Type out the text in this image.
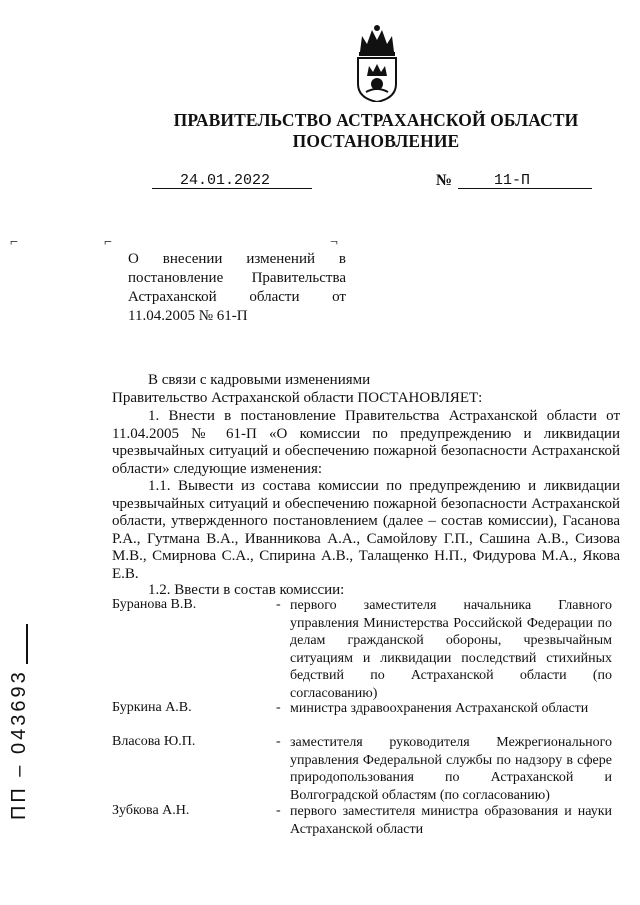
ПРАВИТЕЛЬСТВО АСТРАХАНСКОЙ ОБЛАСТИ
ПОСТАНОВЛЕНИЕ
24.01.2022	№	11-П
⌐	⌐	¬
О внесении изменений в постановление Правительства Астраханской области от 11.04.2005 № 61-П
В связи с кадровыми изменениями
Правительство Астраханской области ПОСТАНОВЛЯЕТ:
1. Внести в постановление Правительства Астраханской области от 11.04.2005 № 61-П «О комиссии по предупреждению и ликвидации чрезвычайных ситуаций и обеспечению пожарной безопасности Астраханской области» следующие изменения:
1.1. Вывести из состава комиссии по предупреждению и ликвидации чрезвычайных ситуаций и обеспечению пожарной безопасности Астраханской области, утвержденного постановлением (далее – состав комиссии), Гасанова Р.А., Гутмана В.А., Иванникова А.А., Самойлову Г.П., Сашина А.В., Сизова М.В., Смирнова С.А., Спирина А.В., Талащенко Н.П., Фидурова М.А., Якова Е.В.
1.2. Ввести в состав комиссии:
Буранова В.В.	- первого заместителя начальника Главного управления Министерства Российской Федерации по делам гражданской обороны, чрезвычайным ситуациям и ликвидации последствий стихийных бедствий по Астраханской области (по согласованию)
Буркина А.В.	- министра здравоохранения Астраханской области
Власова Ю.П.	- заместителя руководителя Межрегионального управления Федеральной службы по надзору в сфере природопользования по Астраханской и Волгоградской областям (по согласованию)
Зубкова А.Н.	- первого заместителя министра образования и науки Астраханской области
ПП – 043693
